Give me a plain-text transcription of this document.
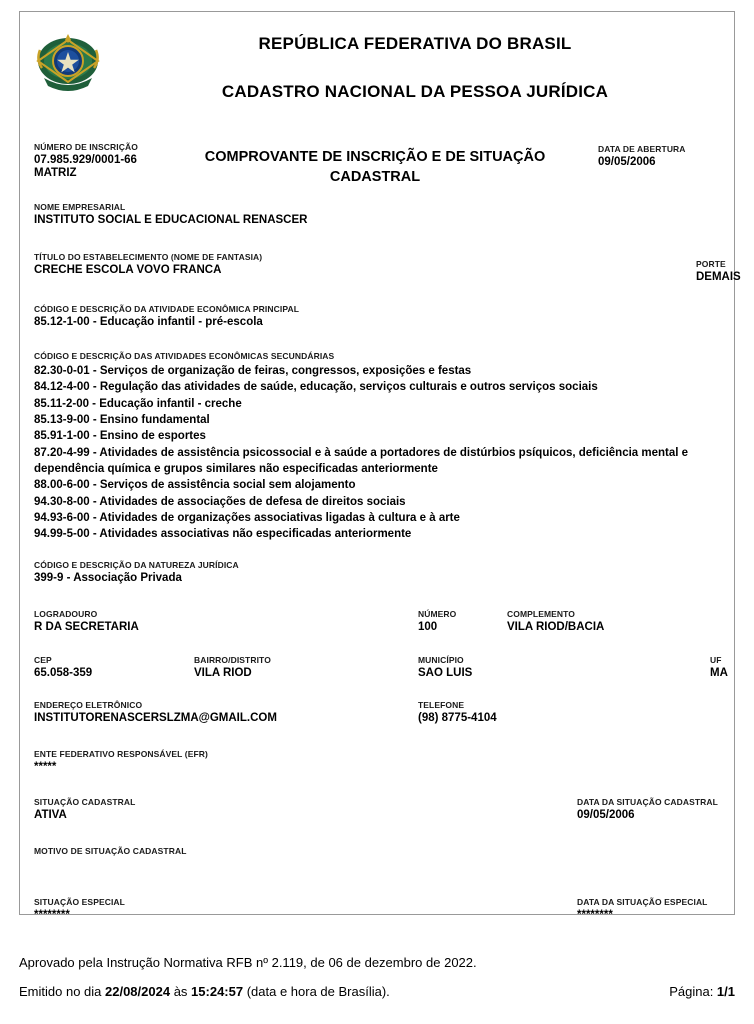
REPÚBLICA FEDERATIVA DO BRASIL
CADASTRO NACIONAL DA PESSOA JURÍDICA
NÚMERO DE INSCRIÇÃO
07.985.929/0001-66
MATRIZ
COMPROVANTE DE INSCRIÇÃO E DE SITUAÇÃO CADASTRAL
DATA DE ABERTURA
09/05/2006
NOME EMPRESARIAL
INSTITUTO SOCIAL E EDUCACIONAL RENASCER
TÍTULO DO ESTABELECIMENTO (NOME DE FANTASIA)
CRECHE ESCOLA VOVO FRANCA	PORTE
DEMAIS
CÓDIGO E DESCRIÇÃO DA ATIVIDADE ECONÔMICA PRINCIPAL
85.12-1-00 - Educação infantil - pré-escola
CÓDIGO E DESCRIÇÃO DAS ATIVIDADES ECONÔMICAS SECUNDÁRIAS
82.30-0-01 - Serviços de organização de feiras, congressos, exposições e festas
84.12-4-00 - Regulação das atividades de saúde, educação, serviços culturais e outros serviços sociais
85.11-2-00 - Educação infantil - creche
85.13-9-00 - Ensino fundamental
85.91-1-00 - Ensino de esportes
87.20-4-99 - Atividades de assistência psicossocial e à saúde a portadores de distúrbios psíquicos, deficiência mental e dependência química e grupos similares não especificadas anteriormente
88.00-6-00 - Serviços de assistência social sem alojamento
94.30-8-00 - Atividades de associações de defesa de direitos sociais
94.93-6-00 - Atividades de organizações associativas ligadas à cultura e à arte
94.99-5-00 - Atividades associativas não especificadas anteriormente
CÓDIGO E DESCRIÇÃO DA NATUREZA JURÍDICA
399-9 - Associação Privada
LOGRADOURO
R DA SECRETARIA
NÚMERO
100
COMPLEMENTO
VILA RIOD/BACIA
CEP
65.058-359
BAIRRO/DISTRITO
VILA RIOD
MUNICÍPIO
SAO LUIS
UF
MA
ENDEREÇO ELETRÔNICO
INSTITUTORENASCERSLZMA@GMAIL.COM
TELEFONE
(98) 8775-4104
ENTE FEDERATIVO RESPONSÁVEL (EFR)
*****
SITUAÇÃO CADASTRAL
ATIVA
DATA DA SITUAÇÃO CADASTRAL
09/05/2006
MOTIVO DE SITUAÇÃO CADASTRAL
SITUAÇÃO ESPECIAL
********
DATA DA SITUAÇÃO ESPECIAL
********
Aprovado pela Instrução Normativa RFB nº 2.119, de 06 de dezembro de 2022.
Emitido no dia 22/08/2024 às 15:24:57 (data e hora de Brasília).	Página: 1/1
